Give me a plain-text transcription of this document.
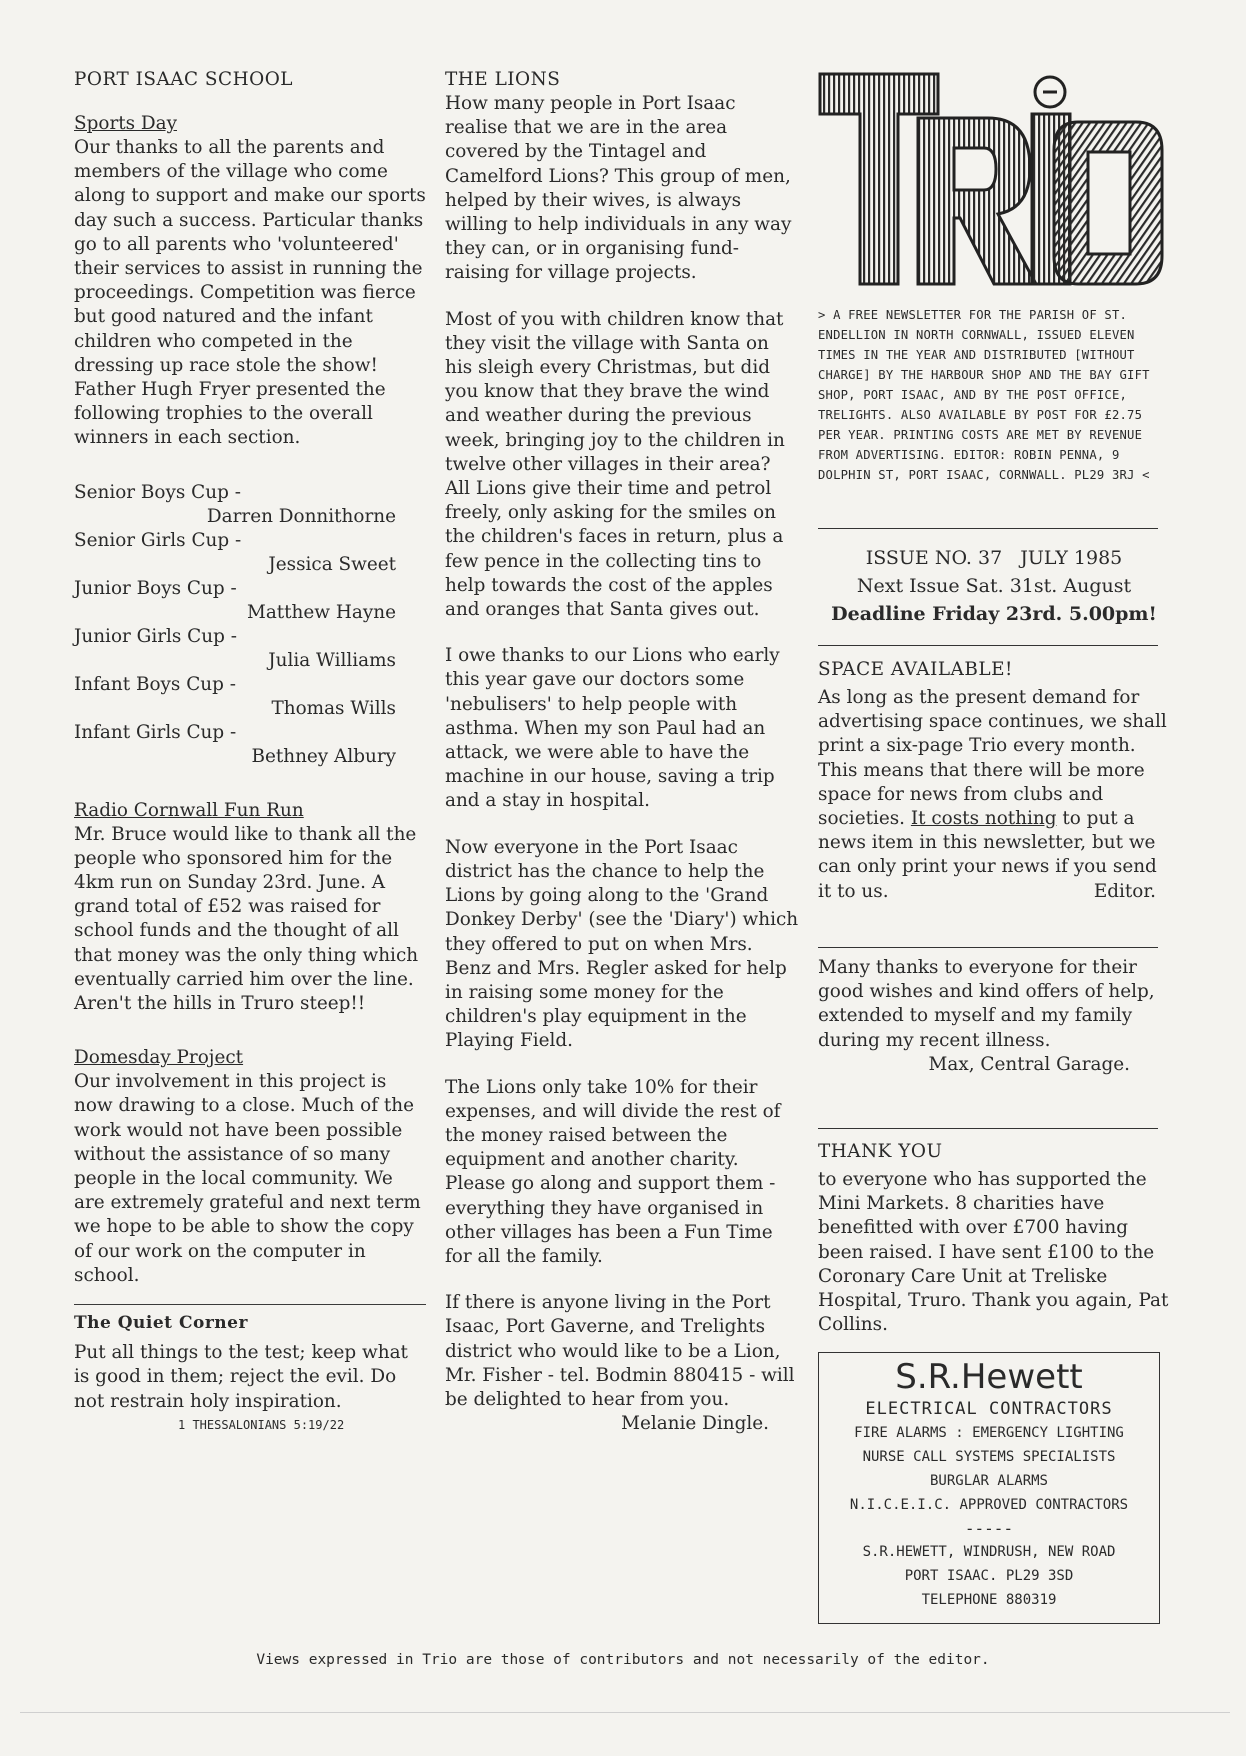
PORT ISAAC SCHOOL

Sports Day

Our thanks to all the parents and members of the village who come along to support and make our sports day such a success. Particular thanks go to all parents who 'volunteered' their services to assist in running the proceedings. Competition was fierce but good natured and the infant children who competed in the dressing up race stole the show! Father Hugh Fryer presented the following trophies to the overall winners in each section.

Senior Boys Cup -

Darren Donnithorne

Senior Girls Cup -

Jessica Sweet

Junior Boys Cup -

Matthew Hayne

Junior Girls Cup -

Julia Williams

Infant Boys Cup -

Thomas Wills

Infant Girls Cup -

Bethney Albury

Radio Cornwall Fun Run

Mr. Bruce would like to thank all the people who sponsored him for the 4km run on Sunday 23rd. June. A grand total of £52 was raised for school funds and the thought of all that money was the only thing which eventually carried him over the line. Aren't the hills in Truro steep!!

Domesday Project

Our involvement in this project is now drawing to a close. Much of the work would not have been possible without the assistance of so many people in the local community. We are extremely grateful and next term we hope to be able to show the copy of our work on the computer in school.

The Quiet Corner

Put all things to the test; keep what is good in them; reject the evil. Do not restrain holy inspiration.

1 THESSALONIANS 5:19/22

THE LIONS

How many people in Port Isaac realise that we are in the area covered by the Tintagel and Camelford Lions? This group of men, helped by their wives, is always willing to help individuals in any way they can, or in organising fund-raising for village projects.

Most of you with children know that they visit the village with Santa on his sleigh every Christmas, but did you know that they brave the wind and weather during the previous week, bringing joy to the children in twelve other villages in their area? All Lions give their time and petrol freely, only asking for the smiles on the children's faces in return, plus a few pence in the collecting tins to help towards the cost of the apples and oranges that Santa gives out.

I owe thanks to our Lions who early this year gave our doctors some 'nebulisers' to help people with asthma. When my son Paul had an attack, we were able to have the machine in our house, saving a trip and a stay in hospital.

Now everyone in the Port Isaac district has the chance to help the Lions by going along to the 'Grand Donkey Derby' (see the 'Diary') which they offered to put on when Mrs. Benz and Mrs. Regler asked for help in raising some money for the children's play equipment in the Playing Field.

The Lions only take 10% for their expenses, and will divide the rest of the money raised between the equipment and another charity. Please go along and support them - everything they have organised in other villages has been a Fun Time for all the family.

If there is anyone living in the Port Isaac, Port Gaverne, and Trelights district who would like to be a Lion, Mr. Fisher - tel. Bodmin 880415 - will be delighted to hear from you.

Melanie Dingle.

> A FREE NEWSLETTER FOR THE PARISH OF ST. ENDELLION IN NORTH CORNWALL, ISSUED ELEVEN TIMES IN THE YEAR AND DISTRIBUTED [WITHOUT CHARGE] BY THE HARBOUR SHOP AND THE BAY GIFT SHOP, PORT ISAAC, AND BY THE POST OFFICE, TRELIGHTS. ALSO AVAILABLE BY POST FOR £2.75 PER YEAR. PRINTING COSTS ARE MET BY REVENUE FROM ADVERTISING. EDITOR: ROBIN PENNA, 9 DOLPHIN ST, PORT ISAAC, CORNWALL. PL29 3RJ <

ISSUE NO. 37   JULY 1985

Next Issue Sat. 31st. August

Deadline Friday 23rd. 5.00pm!

SPACE AVAILABLE!

As long as the present demand for advertising space continues, we shall print a six-page Trio every month. This means that there will be more space for news from clubs and societies. It costs nothing to put a news item in this newsletter, but we can only print your news if you send it to us.	Editor.

Many thanks to everyone for their good wishes and kind offers of help, extended to myself and my family during my recent illness.

Max, Central Garage.

THANK YOU

to everyone who has supported the Mini Markets. 8 charities have benefitted with over £700 having been raised. I have sent £100 to the Coronary Care Unit at Treliske Hospital, Truro. Thank you again, Pat Collins.

S.R.Hewett

ELECTRICAL CONTRACTORS

FIRE ALARMS : EMERGENCY LIGHTING

NURSE CALL SYSTEMS SPECIALISTS

BURGLAR ALARMS

N.I.C.E.I.C. APPROVED CONTRACTORS

-----

S.R.HEWETT, WINDRUSH, NEW ROAD

PORT ISAAC. PL29 3SD

TELEPHONE 880319

Views expressed in Trio are those of contributors and not necessarily of the editor.
